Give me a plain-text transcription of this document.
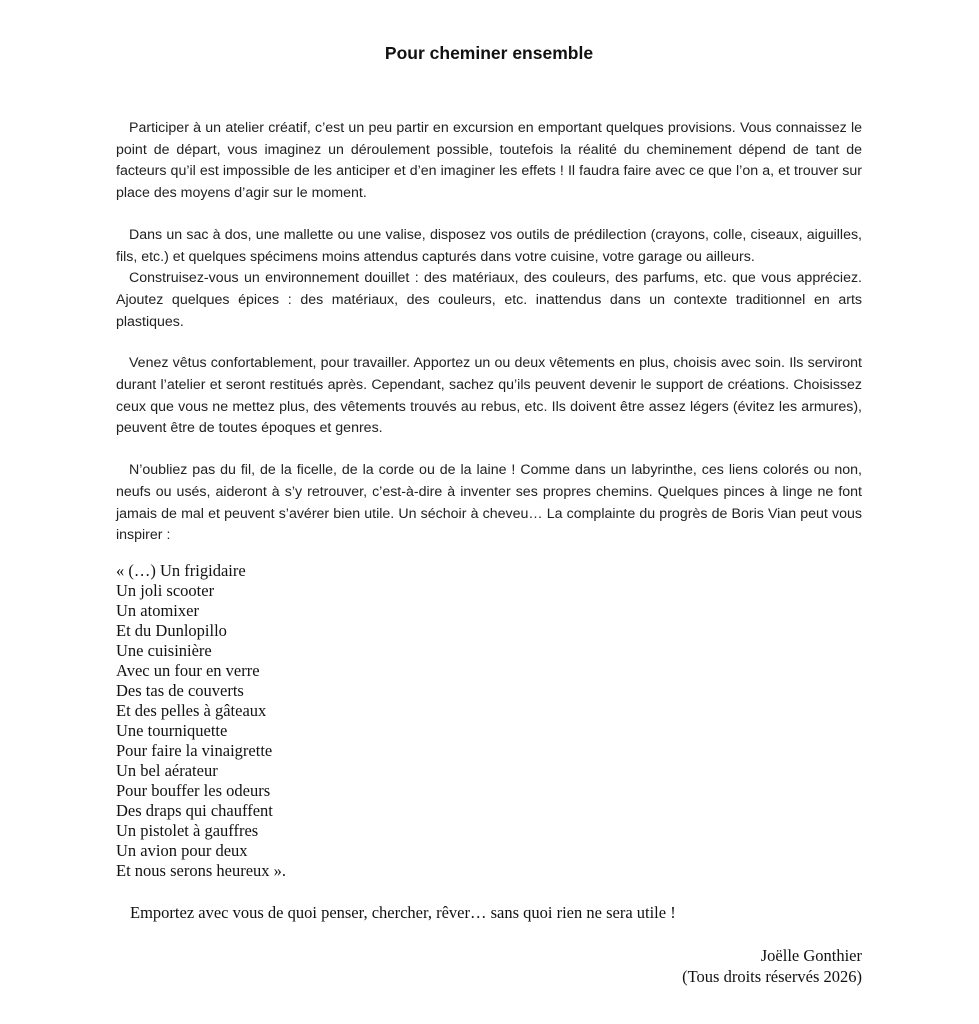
Pour cheminer ensemble

Participer à un atelier créatif, c’est un peu partir en excursion en emportant quelques provisions. Vous connaissez le point de départ, vous imaginez un déroulement possible, toutefois la réalité du cheminement dépend de tant de facteurs qu’il est impossible de les anticiper et d’en imaginer les effets ! Il faudra faire avec ce que l’on a, et trouver sur place des moyens d’agir sur le moment.

Dans un sac à dos, une mallette ou une valise, disposez vos outils de prédilection (crayons, colle, ciseaux, aiguilles, fils, etc.) et quelques spécimens moins attendus capturés dans votre cuisine, votre garage ou ailleurs.

Construisez-vous un environnement douillet : des matériaux, des couleurs, des parfums, etc. que vous appréciez. Ajoutez quelques épices : des matériaux, des couleurs, etc. inattendus dans un contexte traditionnel en arts plastiques.

Venez vêtus confortablement, pour travailler. Apportez un ou deux vêtements en plus, choisis avec soin. Ils serviront durant l’atelier et seront restitués après. Cependant, sachez qu’ils peuvent devenir le support de créations. Choisissez ceux que vous ne mettez plus, des vêtements trouvés au rebus, etc. Ils doivent être assez légers (évitez les armures), peuvent être de toutes époques et genres.

N’oubliez pas du fil, de la ficelle, de la corde ou de la laine ! Comme dans un labyrinthe, ces liens colorés ou non, neufs ou usés, aideront à s’y retrouver, c’est-à-dire à inventer ses propres chemins. Quelques pinces à linge ne font jamais de mal et peuvent s’avérer bien utile. Un séchoir à cheveu… La complainte du progrès de Boris Vian peut vous inspirer :

« (…) Un frigidaire
Un joli scooter
Un atomixer
Et du Dunlopillo
Une cuisinière
Avec un four en verre
Des tas de couverts
Et des pelles à gâteaux
Une tourniquette
Pour faire la vinaigrette
Un bel aérateur
Pour bouffer les odeurs
Des draps qui chauffent
Un pistolet à gauffres
Un avion pour deux
Et nous serons heureux ».

Emportez avec vous de quoi penser, chercher, rêver… sans quoi rien ne sera utile !

Joëlle Gonthier
(Tous droits réservés 2026)
